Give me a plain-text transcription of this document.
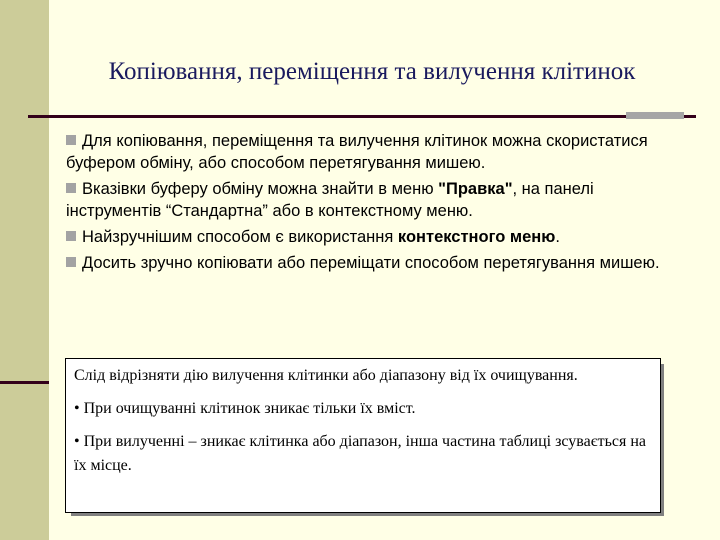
Копіювання, переміщення та вилучення клітинок
Для копіювання, переміщення та вилучення клітинок можна скористатися буфером обміну, або способом перетягування мишею.
Вказівки буферу обміну можна знайти в меню "Правка", на панелі інструментів “Стандартна” або в контекстному меню.
Найзручнішим способом є використання контекстного меню.
Досить зручно копіювати або переміщати способом перетягування мишею.

Слід відрізняти дію вилучення клітинки або діапазону від їх очищування.

• При очищуванні клітинок зникає тільки їх вміст.

• При вилученні – зникає клітинка або діапазон, інша частина таблиці зсувається на їх місце.
